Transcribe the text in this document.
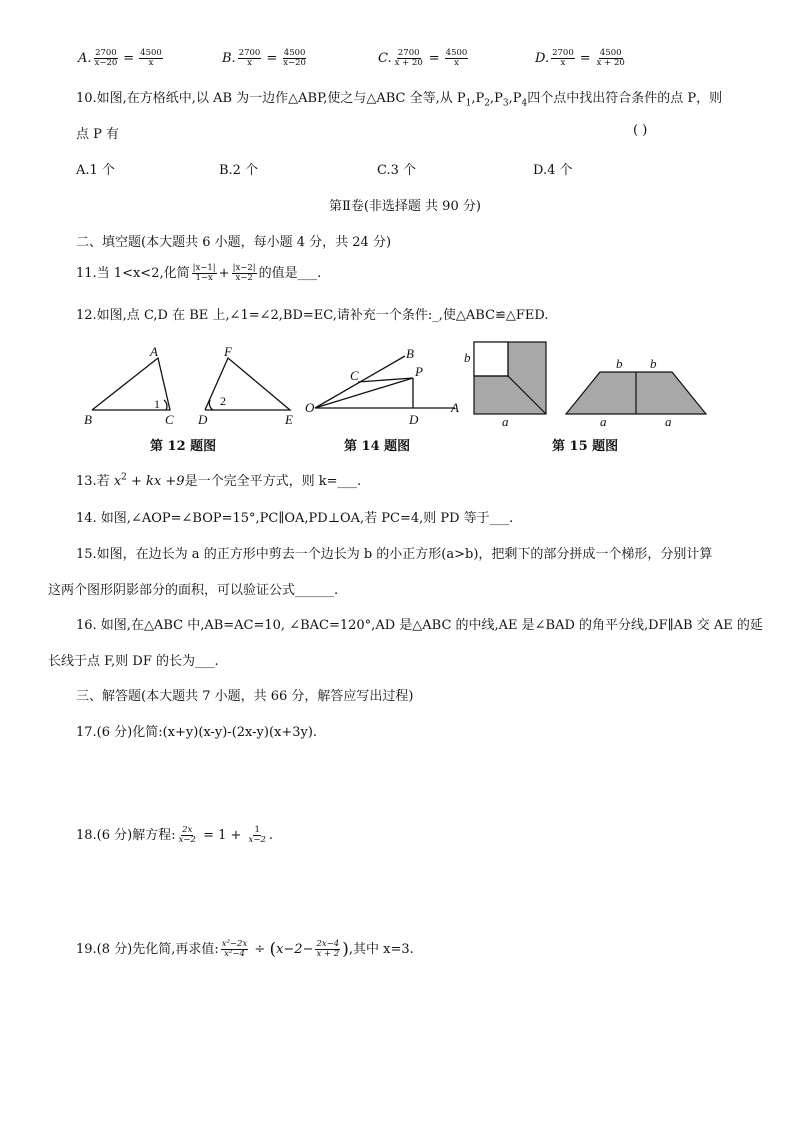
A. $\frac{2700}{x-20} = \frac{4500}{x}$	B. $\frac{2700}{x} = \frac{4500}{x-20}$	C. $\frac{2700}{x + 20} = \frac{4500}{x}$	D. $\frac{2700}{x} = \frac{4500}{x + 20}$
10.如图,在方格纸中,以 AB 为一边作△ABP,使之与△ABC 全等,从 $P_1,P_2,P_3,P_4$四个点中找出符合条件的点 P，则
点 P 有	( )
A.1 个	B.2 个	C.3 个	D.4 个
第Ⅱ卷(非选择题 共 90 分)
二、填空题(本大题共 6 小题，每小题 4 分，共 24 分)
11.当 1<x<2,化简 $\frac{|x-1|}{1-x} + \frac{|x-2|}{x-2}$ 的值是___.
12.如图,点 C,D 在 BE 上,∠1=∠2,BD=EC,请补充一个条件:_,使△ABC≌△FED.
A
B	C D	E
F
1	2
第 12 题图
O	A
B
C	P
D
第 14 题图
b
a
b b
a	a
第 15 题图
13.若 $x^2$ + kx +9是一个完全平方式，则 k=___.
14. 如图,∠AOP=∠BOP=15°,PC∥OA,PD⊥OA,若 PC=4,则 PD 等于___.
15.如图，在边长为 a 的正方形中剪去一个边长为 b 的小正方形(a>b)，把剩下的部分拼成一个梯形，分别计算
这两个图形阴影部分的面积，可以验证公式______.
16. 如图,在△ABC 中,AB=AC=10, ∠BAC=120°,AD 是△ABC 的中线,AE 是∠BAD 的角平分线,DF∥AB 交 AE 的延
长线于点 F,则 DF 的长为___.
三、解答题(本大题共 7 小题，共 66 分，解答应写出过程)
17.(6 分)化简:(x+y)(x-y)-(2x-y)(x+3y).
18.(6 分)解方程: $\frac{2x}{x-2} = 1 + \frac{1}{x-2}$ .
19.(8 分)先化简,再求值: $\frac{\text{x²−2x}}{\text{x²−4}} \div (x-2- \frac{2x-4}{x + 2}$ ),其中 x=3.
